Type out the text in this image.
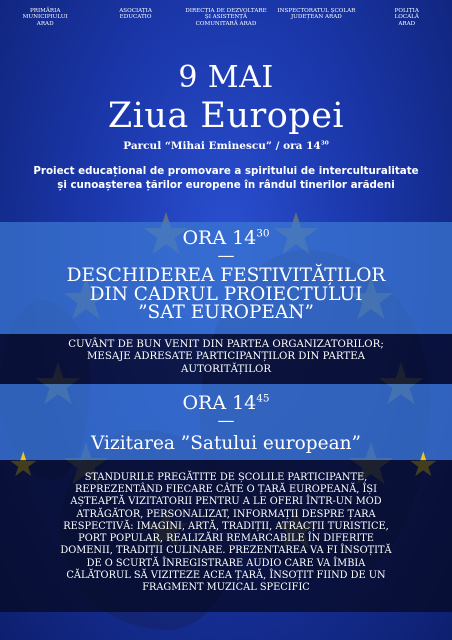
PRIMĂRIA
MUNICIPIULUI
ARAD
ASOCIAȚIA
EDUCATIO
DIRECȚIA DE DEZVOLTARE
ȘI ASISTENȚĂ
COMUNITARĂ ARAD
INSPECTORATUL ȘCOLAR
JUDEȚEAN ARAD
POLIȚIA
LOCALĂ
ARAD
9 MAI
Ziua Europei
Parcul “Mihai Eminescu” / ora $14^{30}$
Proiect educațional de promovare a spiritului de interculturalitate
și cunoașterea țărilor europene în rândul tinerilor arădeni
ORA $14^{30}$
—
DESCHIDEREA FESTIVITĂȚILOR
DIN CADRUL PROIECTULUI
”SAT EUROPEAN”
CUVÂNT DE BUN VENIT DIN PARTEA ORGANIZATORILOR;
MESAJE ADRESATE PARTICIPANȚILOR DIN PARTEA
AUTORITĂȚILOR
ORA $14^{45}$
—
Vizitarea ”Satului european”
STANDURILE PREGĂTITE DE ȘCOLILE PARTICIPANTE,
REPREZENTÂND FIECARE CÂTE O ȚARĂ EUROPEANĂ, ÎȘI
AȘTEAPTĂ VIZITATORII PENTRU A LE OFERI ÎNTR-UN MOD
ATRĂGĂTOR, PERSONALIZAT, INFORMAȚII DESPRE ȚARA
RESPECTIVĂ: IMAGINI, ARTĂ, TRADIȚII, ATRACȚII TURISTICE,
PORT POPULAR, REALIZĂRI REMARCABILE ÎN DIFERITE
DOMENII, TRADIȚII CULINARE. PREZENTAREA VA FI ÎNSOȚITĂ
DE O SCURTĂ ÎNREGISTRARE AUDIO CARE VA ÎMBIA
CĂLĂTORUL SĂ VIZITEZE ACEA ȚARĂ, ÎNSOȚIT FIIND DE UN
FRAGMENT MUZICAL SPECIFIC
